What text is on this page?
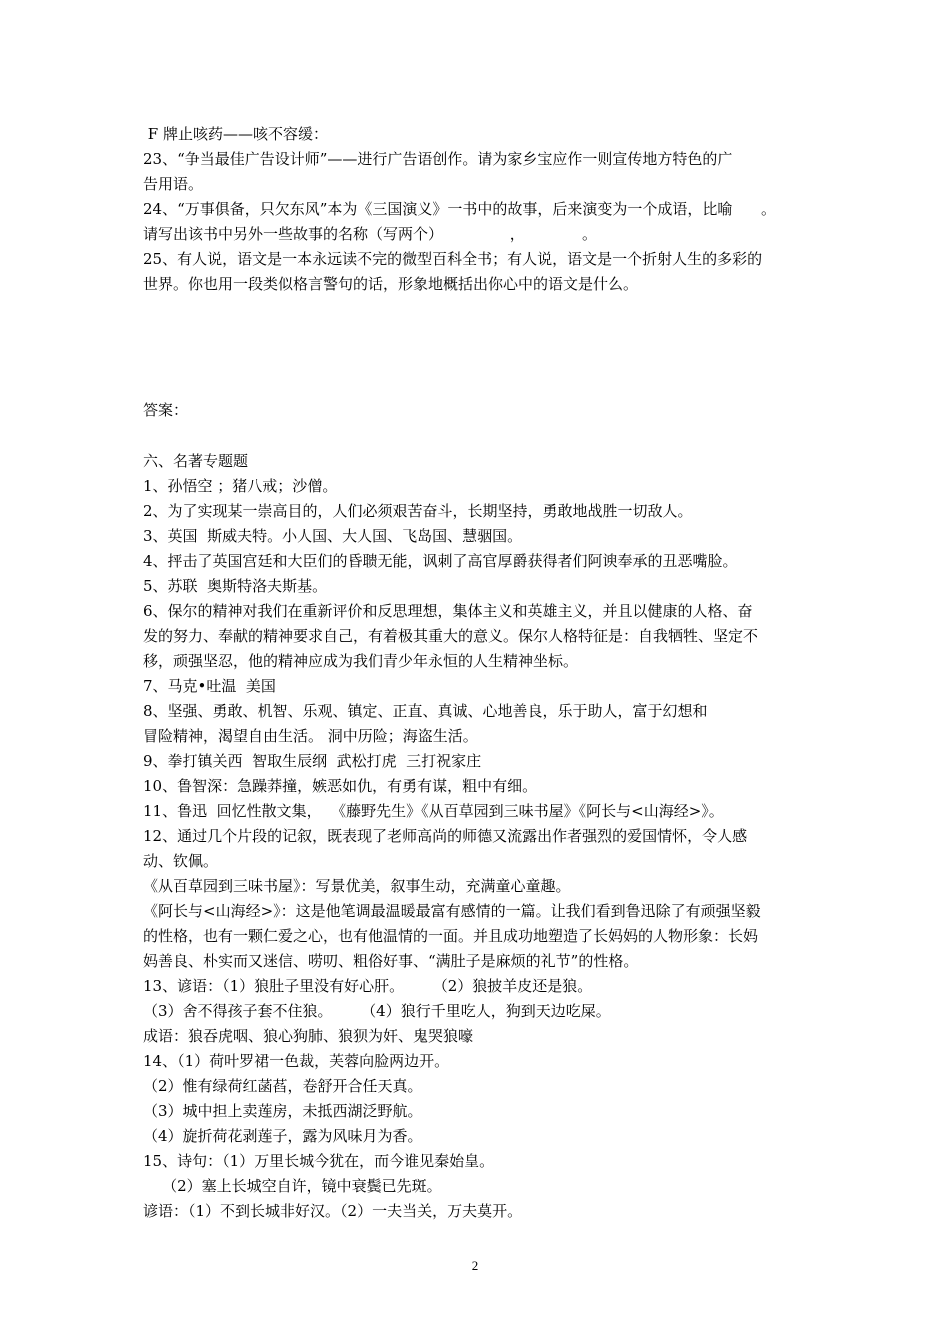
F 牌止咳药——咳不容缓：
23、“争当最佳广告设计师”——进行广告语创作。请为家乡宝应作一则宣传地方特色的广
告用语。
24、“万事俱备，只欠东风”本为《三国演义》一书中的故事，后来演变为一个成语，比喻      。
请写出该书中另外一些故事的名称（写两个）              ，            。
25、有人说，语文是一本永远读不完的微型百科全书；有人说，语文是一个折射人生的多彩的
世界。你也用一段类似格言警句的话，形象地概括出你心中的语文是什么。
答案：
六、名著专题题
1、孙悟空 ；猪八戒；沙僧。
2、为了实现某一崇高目的，人们必须艰苦奋斗，长期坚持，勇敢地战胜一切敌人。
3、英国  斯威夫特。小人国、大人国、飞岛国、慧骃国。
4、抨击了英国宫廷和大臣们的昏聩无能，讽刺了高官厚爵获得者们阿谀奉承的丑恶嘴脸。
5、苏联  奥斯特洛夫斯基。
6、保尔的精神对我们在重新评价和反思理想，集体主义和英雄主义，并且以健康的人格、奋
发的努力、奉献的精神要求自己，有着极其重大的意义。保尔人格特征是：自我牺牲、坚定不
移，顽强坚忍，他的精神应成为我们青少年永恒的人生精神坐标。
7、马克•吐温  美国
8、坚强、勇敢、机智、乐观、镇定、正直、真诚、心地善良，乐于助人，富于幻想和
冒险精神，渴望自由生活。 洞中历险；海盗生活。
9、拳打镇关西  智取生辰纲  武松打虎  三打祝家庄
10、鲁智深：急躁莽撞，嫉恶如仇，有勇有谋，粗中有细。
11、鲁迅  回忆性散文集，  《藤野先生》《从百草园到三味书屋》《阿长与<山海经>》。
12、通过几个片段的记叙，既表现了老师高尚的师德又流露出作者强烈的爱国情怀，令人感
动、钦佩。
《从百草园到三味书屋》：写景优美，叙事生动，充满童心童趣。
《阿长与<山海经>》：这是他笔调最温暖最富有感情的一篇。让我们看到鲁迅除了有顽强坚毅
的性格，也有一颗仁爱之心，也有他温情的一面。并且成功地塑造了长妈妈的人物形象：长妈
妈善良、朴实而又迷信、唠叨、粗俗好事、“满肚子是麻烦的礼节”的性格。
13、谚语：（1）狼肚子里没有好心肝。      （2）狼披羊皮还是狼。
（3）舍不得孩子套不住狼。      （4）狼行千里吃人，狗到天边吃屎。
成语：狼吞虎咽、狼心狗肺、狼狈为奸、鬼哭狼嚎
14、（1）荷叶罗裙一色裁，芙蓉向脸两边开。
（2）惟有绿荷红菡萏，卷舒开合任天真。
（3）城中担上卖莲房，未抵西湖泛野航。
（4）旋折荷花剥莲子，露为风味月为香。
15、诗句：（1）万里长城今犹在，而今谁见秦始皇。
（2）塞上长城空自许，镜中衰鬓已先斑。
谚语：（1）不到长城非好汉。（2）一夫当关，万夫莫开。
2
